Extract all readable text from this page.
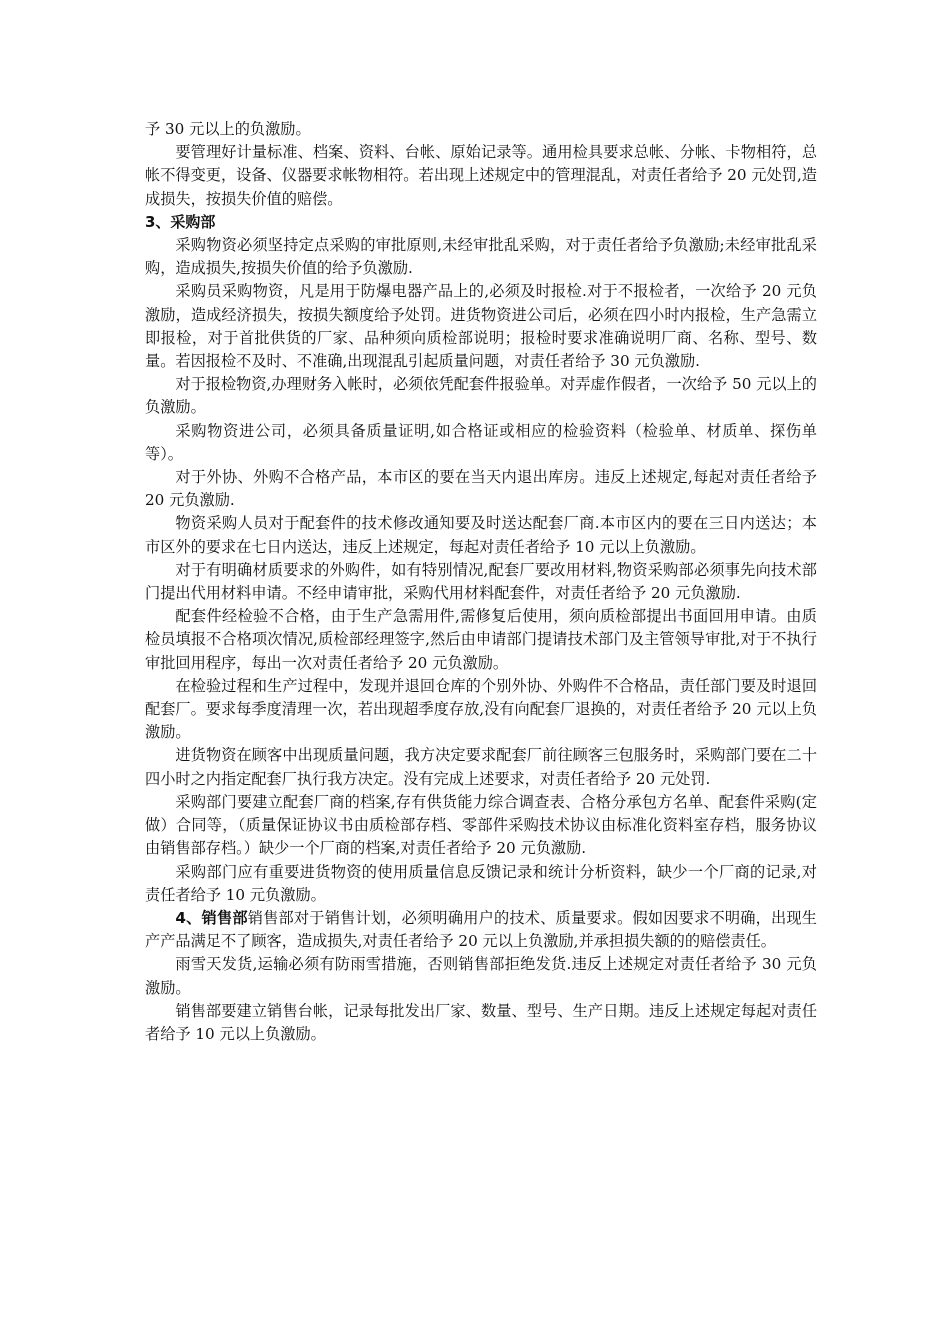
予 30 元以上的负激励。

要管理好计量标准、档案、资料、台帐、原始记录等。通用检具要求总帐、分帐、卡物相符，总帐不得变更，设备、仪器要求帐物相符。若出现上述规定中的管理混乱，对责任者给予 20 元处罚,造成损失，按损失价值的赔偿。

3、采购部

采购物资必须坚持定点采购的审批原则,未经审批乱采购，对于责任者给予负激励;未经审批乱采购，造成损失,按损失价值的给予负激励.

采购员采购物资，凡是用于防爆电器产品上的,必须及时报检.对于不报检者，一次给予 20 元负激励，造成经济损失，按损失额度给予处罚。进货物资进公司后，必须在四小时内报检，生产急需立即报检，对于首批供货的厂家、品种须向质检部说明；报检时要求准确说明厂商、名称、型号、数量。若因报检不及时、不准确,出现混乱引起质量问题，对责任者给予 30 元负激励.

对于报检物资,办理财务入帐时，必须依凭配套件报验单。对弄虚作假者，一次给予 50 元以上的负激励。

采购物资进公司，必须具备质量证明,如合格证或相应的检验资料（检验单、材质单、探伤单等）。

对于外协、外购不合格产品，本市区的要在当天内退出库房。违反上述规定,每起对责任者给予 20 元负激励.

物资采购人员对于配套件的技术修改通知要及时送达配套厂商.本市区内的要在三日内送达；本市区外的要求在七日内送达，违反上述规定，每起对责任者给予 10 元以上负激励。

对于有明确材质要求的外购件，如有特别情况,配套厂要改用材料,物资采购部必须事先向技术部门提出代用材料申请。不经申请审批，采购代用材料配套件，对责任者给予 20 元负激励.

配套件经检验不合格，由于生产急需用件,需修复后使用，须向质检部提出书面回用申请。由质检员填报不合格项次情况,质检部经理签字,然后由申请部门提请技术部门及主管领导审批,对于不执行审批回用程序，每出一次对责任者给予 20 元负激励。

在检验过程和生产过程中，发现并退回仓库的个别外协、外购件不合格品，责任部门要及时退回配套厂。要求每季度清理一次，若出现超季度存放,没有向配套厂退换的，对责任者给予 20 元以上负激励。

进货物资在顾客中出现质量问题，我方决定要求配套厂前往顾客三包服务时，采购部门要在二十四小时之内指定配套厂执行我方决定。没有完成上述要求，对责任者给予 20 元处罚.

采购部门要建立配套厂商的档案,存有供货能力综合调查表、合格分承包方名单、配套件采购(定做）合同等，（质量保证协议书由质检部存档、零部件采购技术协议由标准化资料室存档，服务协议由销售部存档。）缺少一个厂商的档案,对责任者给予 20 元负激励.

采购部门应有重要进货物资的使用质量信息反馈记录和统计分析资料，缺少一个厂商的记录,对责任者给予 10 元负激励。

4、销售部销售部对于销售计划，必须明确用户的技术、质量要求。假如因要求不明确，出现生产产品满足不了顾客，造成损失,对责任者给予 20 元以上负激励,并承担损失额的的赔偿责任。

雨雪天发货,运输必须有防雨雪措施，否则销售部拒绝发货.违反上述规定对责任者给予 30 元负激励。

销售部要建立销售台帐，记录每批发出厂家、数量、型号、生产日期。违反上述规定每起对责任者给予 10 元以上负激励。
